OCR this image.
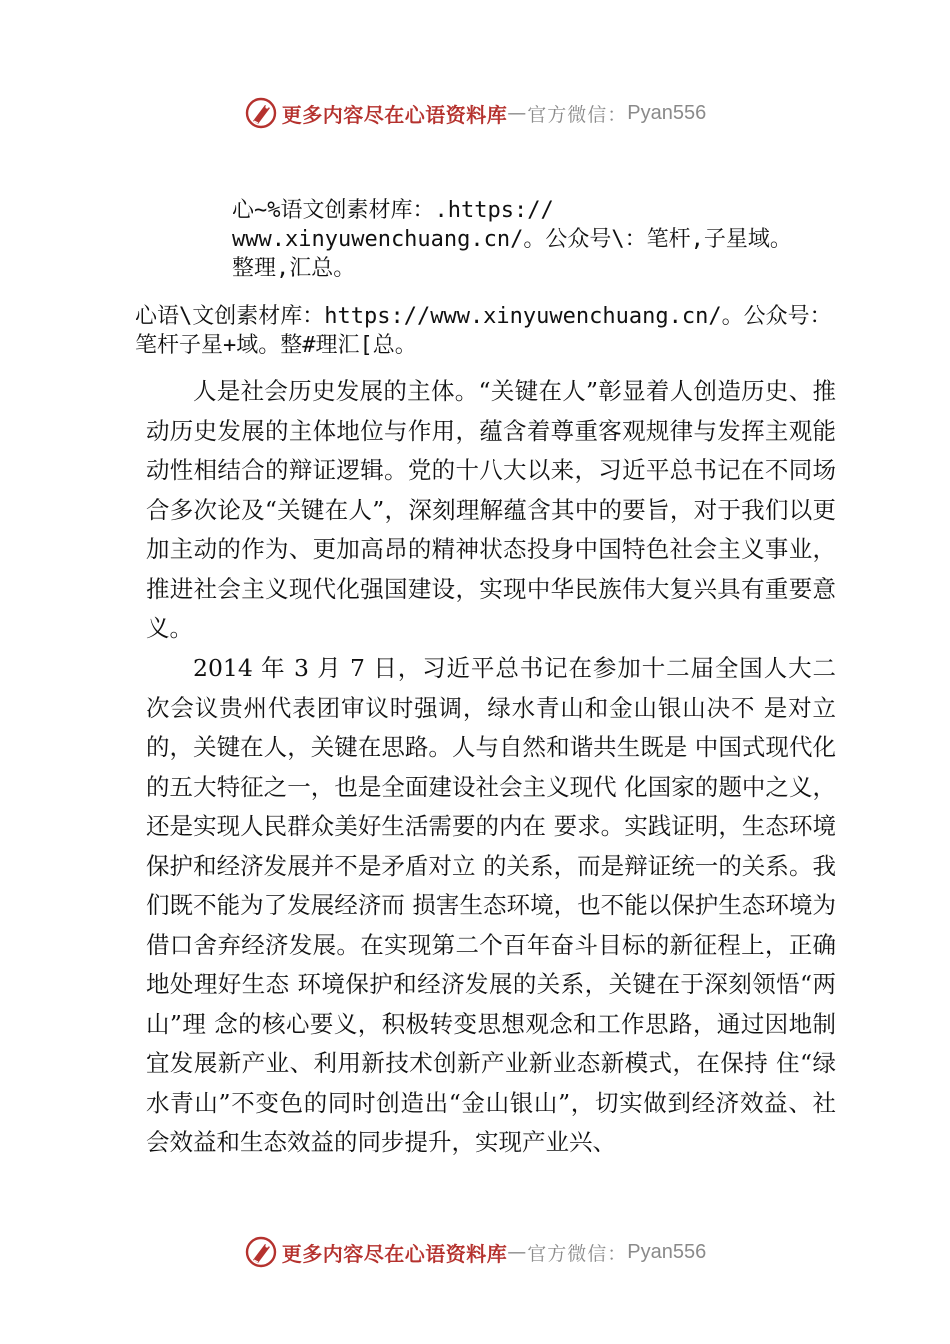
更多内容尽在心语资料库 — 官方微信： Pyan556

心~%语文创素材库：.https://

www.xinyuwenchuang.cn/。公众号\：笔杆,子星域。

整理,汇总。

心语\文创素材库：https://www.xinyuwenchuang.cn/。公众号：

笔杆子星+域。整#理汇[总。

人是社会历史发展的主体。“关键在人”彰显着人创造历史、推动历史发展的主体地位与作用，蕴含着尊重客观规律与发挥主观能动性相结合的辩证逻辑。党的十八大以来，习近平总书记在不同场合多次论及“关键在人”，深刻理解蕴含其中的要旨，对于我们以更加主动的作为、更加高昂的精神状态投身中国特色社会主义事业，推进社会主义现代化强国建设，实现中华民族伟大复兴具有重要意义。

2014 年 3 月 7 日，习近平总书记在参加十二届全国人大二次会议贵州代表团审议时强调，绿水青山和金山银山决不 是对立的，关键在人，关键在思路。人与自然和谐共生既是 中国式现代化的五大特征之一，也是全面建设社会主义现代 化国家的题中之义，还是实现人民群众美好生活需要的内在 要求。实践证明，生态环境保护和经济发展并不是矛盾对立 的关系，而是辩证统一的关系。我们既不能为了发展经济而 损害生态环境，也不能以保护生态环境为借口舍弃经济发展。在实现第二个百年奋斗目标的新征程上，正确地处理好生态 环境保护和经济发展的关系，关键在于深刻领悟“两山”理 念的核心要义，积极转变思想观念和工作思路，通过因地制 宜发展新产业、利用新技术创新产业新业态新模式，在保持 住“绿水青山”不变色的同时创造出“金山银山”，切实做到经济效益、社会效益和生态效益的同步提升，实现产业兴、

更多内容尽在心语资料库 — 官方微信： Pyan556
